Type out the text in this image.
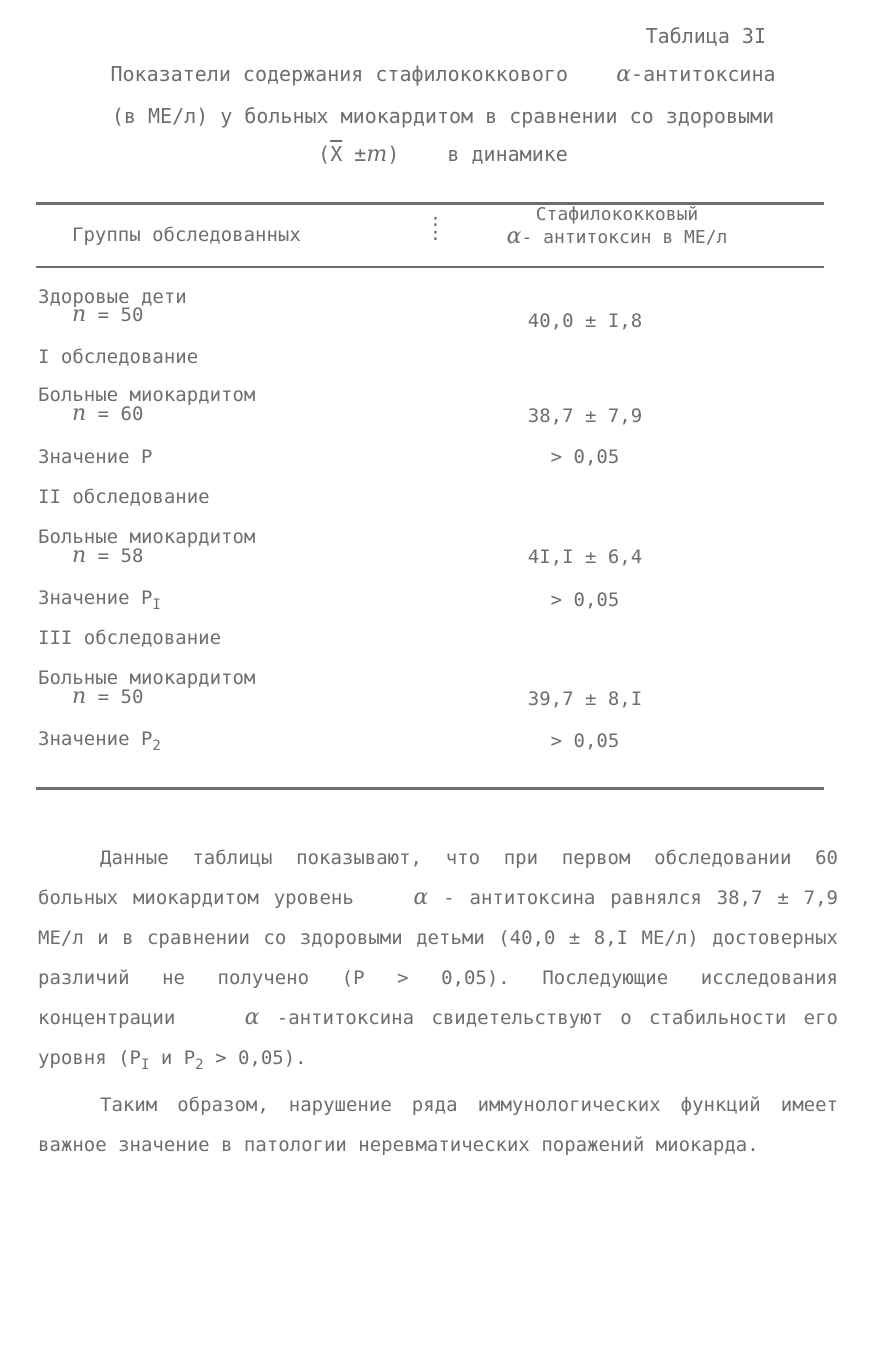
Таблица 3I
Показатели содержания стафилококкового α-антитоксина
(в МЕ/л) у больных миокардитом в сравнении со здоровыми
$(\overline{X} \pm m)$    в динамике
Группы обследованных
:
:
Стафилококковый
α- антитоксин в МЕ/л
Здоровые дети
n = 50	40,0 ± I,8
I обследование
Больные миокардитом
n = 60	38,7 ± 7,9
Значение P	> 0,05
II обследование
Больные миокардитом
n = 58	4I,I ± 6,4
Значение $P_I$	> 0,05
III обследование
Больные миокардитом
n = 50	39,7 ± 8,I
Значение $P_2$	> 0,05

Данные таблицы показывают, что при первом обследовании 60 больных миокардитом уровень	α - антитоксина равнялся 38,7 ± 7,9 МЕ/л и в сравнении со здоровыми детьми (40,0 ± 8,I МЕ/л) достоверных различий не получено (P > 0,05). Последующие исследования концентрации	α -антитоксина свидетельствуют о стабильности его уровня ($P_I$ и $P_2 > 0,05$).

Таким образом, нарушение ряда иммунологических функций имеет важное значение в патологии неревматических поражений миокарда.
